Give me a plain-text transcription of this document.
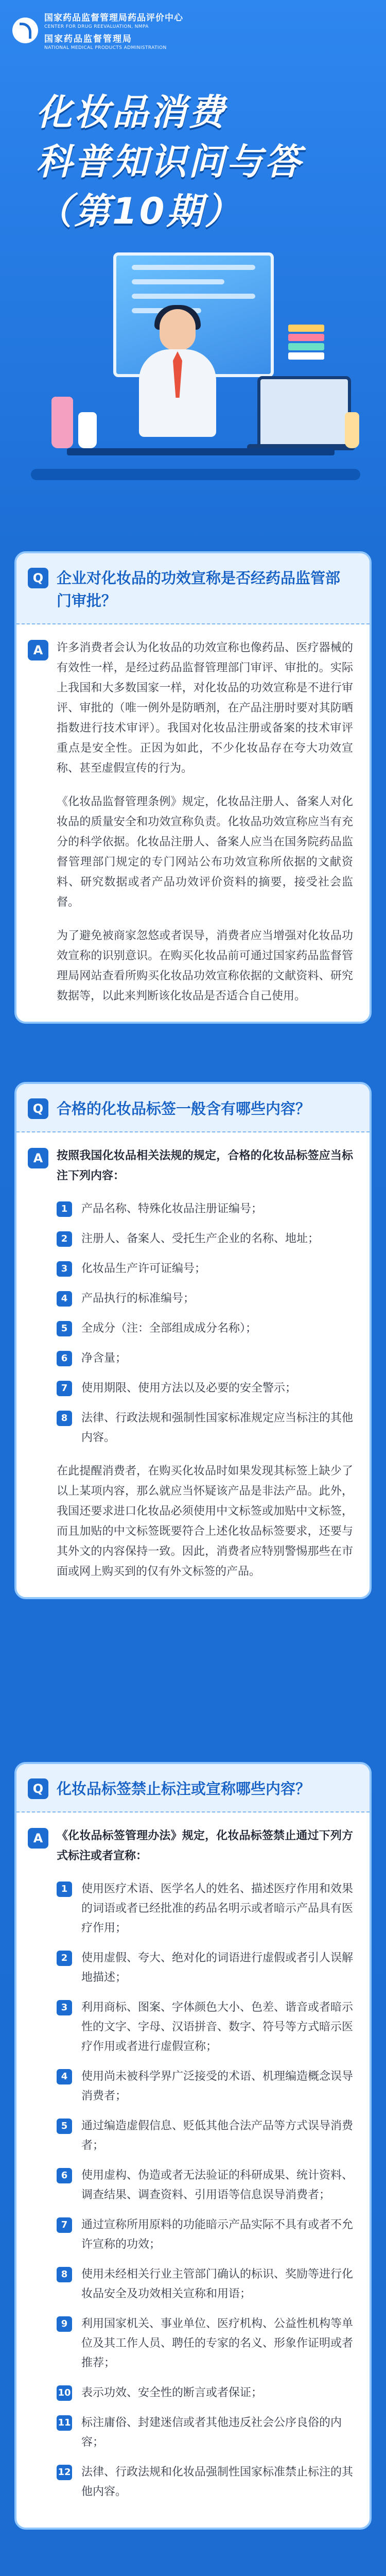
国家药品监督管理局药品评价中心
CENTER FOR DRUG REEVALUATION, NMPA
国家药品监督管理局
NATIONAL MEDICAL PRODUCTS ADMINISTRATION
化妆品消费
科普知识问与答
（第10期）
Q 企业对化妆品的功效宣称是否经药品监管部门审批？
A	许多消费者会认为化妆品的功效宣称也像药品、医疗器械的有效性一样，是经过药品监督管理部门审评、审批的。实际上我国和大多数国家一样，对化妆品的功效宣称是不进行审评、审批的（唯一例外是防晒剂，在产品注册时要对其防晒指数进行技术审评）。我国对化妆品注册或备案的技术审评重点是安全性。正因为如此，不少化妆品存在夸大功效宣称、甚至虚假宣传的行为。

《化妆品监督管理条例》规定，化妆品注册人、备案人对化妆品的质量安全和功效宣称负责。化妆品功效宣称应当有充分的科学依据。化妆品注册人、备案人应当在国务院药品监督管理部门规定的专门网站公布功效宣称所依据的文献资料、研究数据或者产品功效评价资料的摘要，接受社会监督。

为了避免被商家忽悠或者误导，消费者应当增强对化妆品功效宣称的识别意识。在购买化妆品前可通过国家药品监督管理局网站查看所购买化妆品功效宣称依据的文献资料、研究数据等，以此来判断该化妆品是否适合自己使用。

Q 合格的化妆品标签一般含有哪些内容？
A	按照我国化妆品相关法规的规定，合格的化妆品标签应当标注下列内容：

1	产品名称、特殊化妆品注册证编号；
2	注册人、备案人、受托生产企业的名称、地址；
3	化妆品生产许可证编号；
4	产品执行的标准编号；
5	全成分（注：全部组成成分名称）；
6	净含量；
7	使用期限、使用方法以及必要的安全警示；
8	法律、行政法规和强制性国家标准规定应当标注的其他内容。

在此提醒消费者，在购买化妆品时如果发现其标签上缺少了以上某项内容，那么就应当怀疑该产品是非法产品。此外，我国还要求进口化妆品必须使用中文标签或加贴中文标签，而且加贴的中文标签既要符合上述化妆品标签要求，还要与其外文的内容保持一致。因此，消费者应特别警惕那些在市面或网上购买到的仅有外文标签的产品。

Q 化妆品标签禁止标注或宣称哪些内容？
A	《化妆品标签管理办法》规定，化妆品标签禁止通过下列方式标注或者宣称：

1	使用医疗术语、医学名人的姓名、描述医疗作用和效果的词语或者已经批准的药品名明示或者暗示产品具有医疗作用；
2	使用虚假、夸大、绝对化的词语进行虚假或者引人误解地描述；
3	利用商标、图案、字体颜色大小、色差、谐音或者暗示性的文字、字母、汉语拼音、数字、符号等方式暗示医疗作用或者进行虚假宣称；
4	使用尚未被科学界广泛接受的术语、机理编造概念误导消费者；
5	通过编造虚假信息、贬低其他合法产品等方式误导消费者；
6	使用虚构、伪造或者无法验证的科研成果、统计资料、调查结果、调查资料、引用语等信息误导消费者；
7	通过宣称所用原料的功能暗示产品实际不具有或者不允许宣称的功效；
8	使用未经相关行业主管部门确认的标识、奖励等进行化妆品安全及功效相关宣称和用语；
9	利用国家机关、事业单位、医疗机构、公益性机构等单位及其工作人员、聘任的专家的名义、形象作证明或者推荐；
10 表示功效、安全性的断言或者保证；
11 标注庸俗、封建迷信或者其他违反社会公序良俗的内容；
12 法律、行政法规和化妆品强制性国家标准禁止标注的其他内容。
